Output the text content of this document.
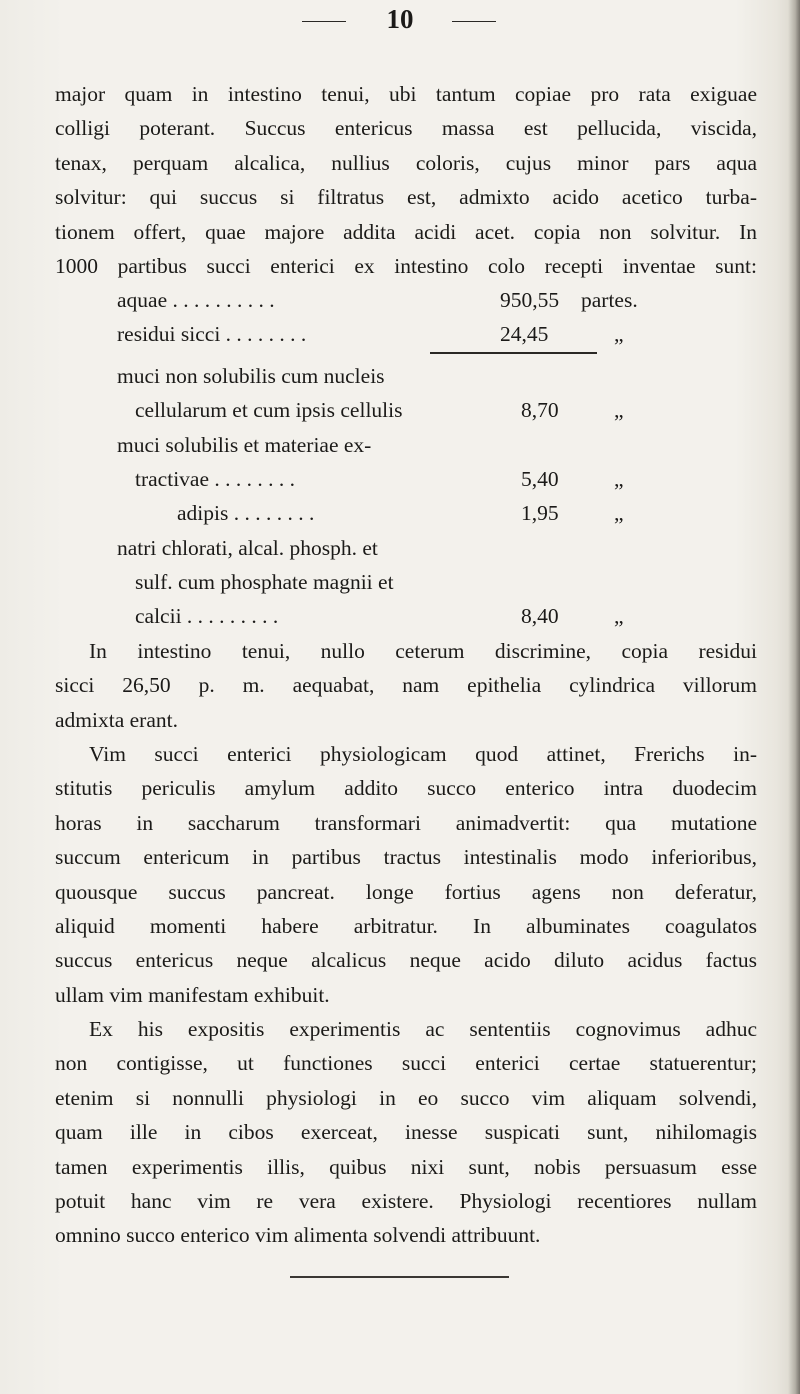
10
major quam in intestino tenui, ubi tantum copiae pro rata exiguae
colligi poterant. Succus entericus massa est pellucida, viscida,
tenax, perquam alcalica, nullius coloris, cujus minor pars aqua
solvitur: qui succus si filtratus est, admixto acido acetico turba-
tionem offert, quae majore addita acidi acet. copia non solvitur. In
1000 partibus succi enterici ex intestino colo recepti inventae sunt:
aquae . . . . . . . . . .	950,55 partes.
residui sicci . . . . . . . .	24,45	„
muci non solubilis cum nucleis
cellularum et cum ipsis cellulis	8,70	„
muci solubilis et materiae ex-
tractivae . . . . . . . .	5,40	„
adipis . . . . . . . .	1,95	„
natri chlorati, alcal. phosph. et
sulf. cum phosphate magnii et
calcii . . . . . . . . .	8,40	„
In intestino tenui, nullo ceterum discrimine, copia residui
sicci 26,50 p. m. aequabat, nam epithelia cylindrica villorum
admixta erant.
Vim succi enterici physiologicam quod attinet, Frerichs in-
stitutis periculis amylum addito succo enterico intra duodecim
horas in saccharum transformari animadvertit: qua mutatione
succum entericum in partibus tractus intestinalis modo inferioribus,
quousque succus pancreat. longe fortius agens non deferatur,
aliquid momenti habere arbitratur. In albuminates coagulatos
succus entericus neque alcalicus neque acido diluto acidus factus
ullam vim manifestam exhibuit.
Ex his expositis experimentis ac sententiis cognovimus adhuc
non contigisse, ut functiones succi enterici certae statuerentur;
etenim si nonnulli physiologi in eo succo vim aliquam solvendi,
quam ille in cibos exerceat, inesse suspicati sunt, nihilomagis
tamen experimentis illis, quibus nixi sunt, nobis persuasum esse
potuit hanc vim re vera existere. Physiologi recentiores nullam
omnino succo enterico vim alimenta solvendi attribuunt.
